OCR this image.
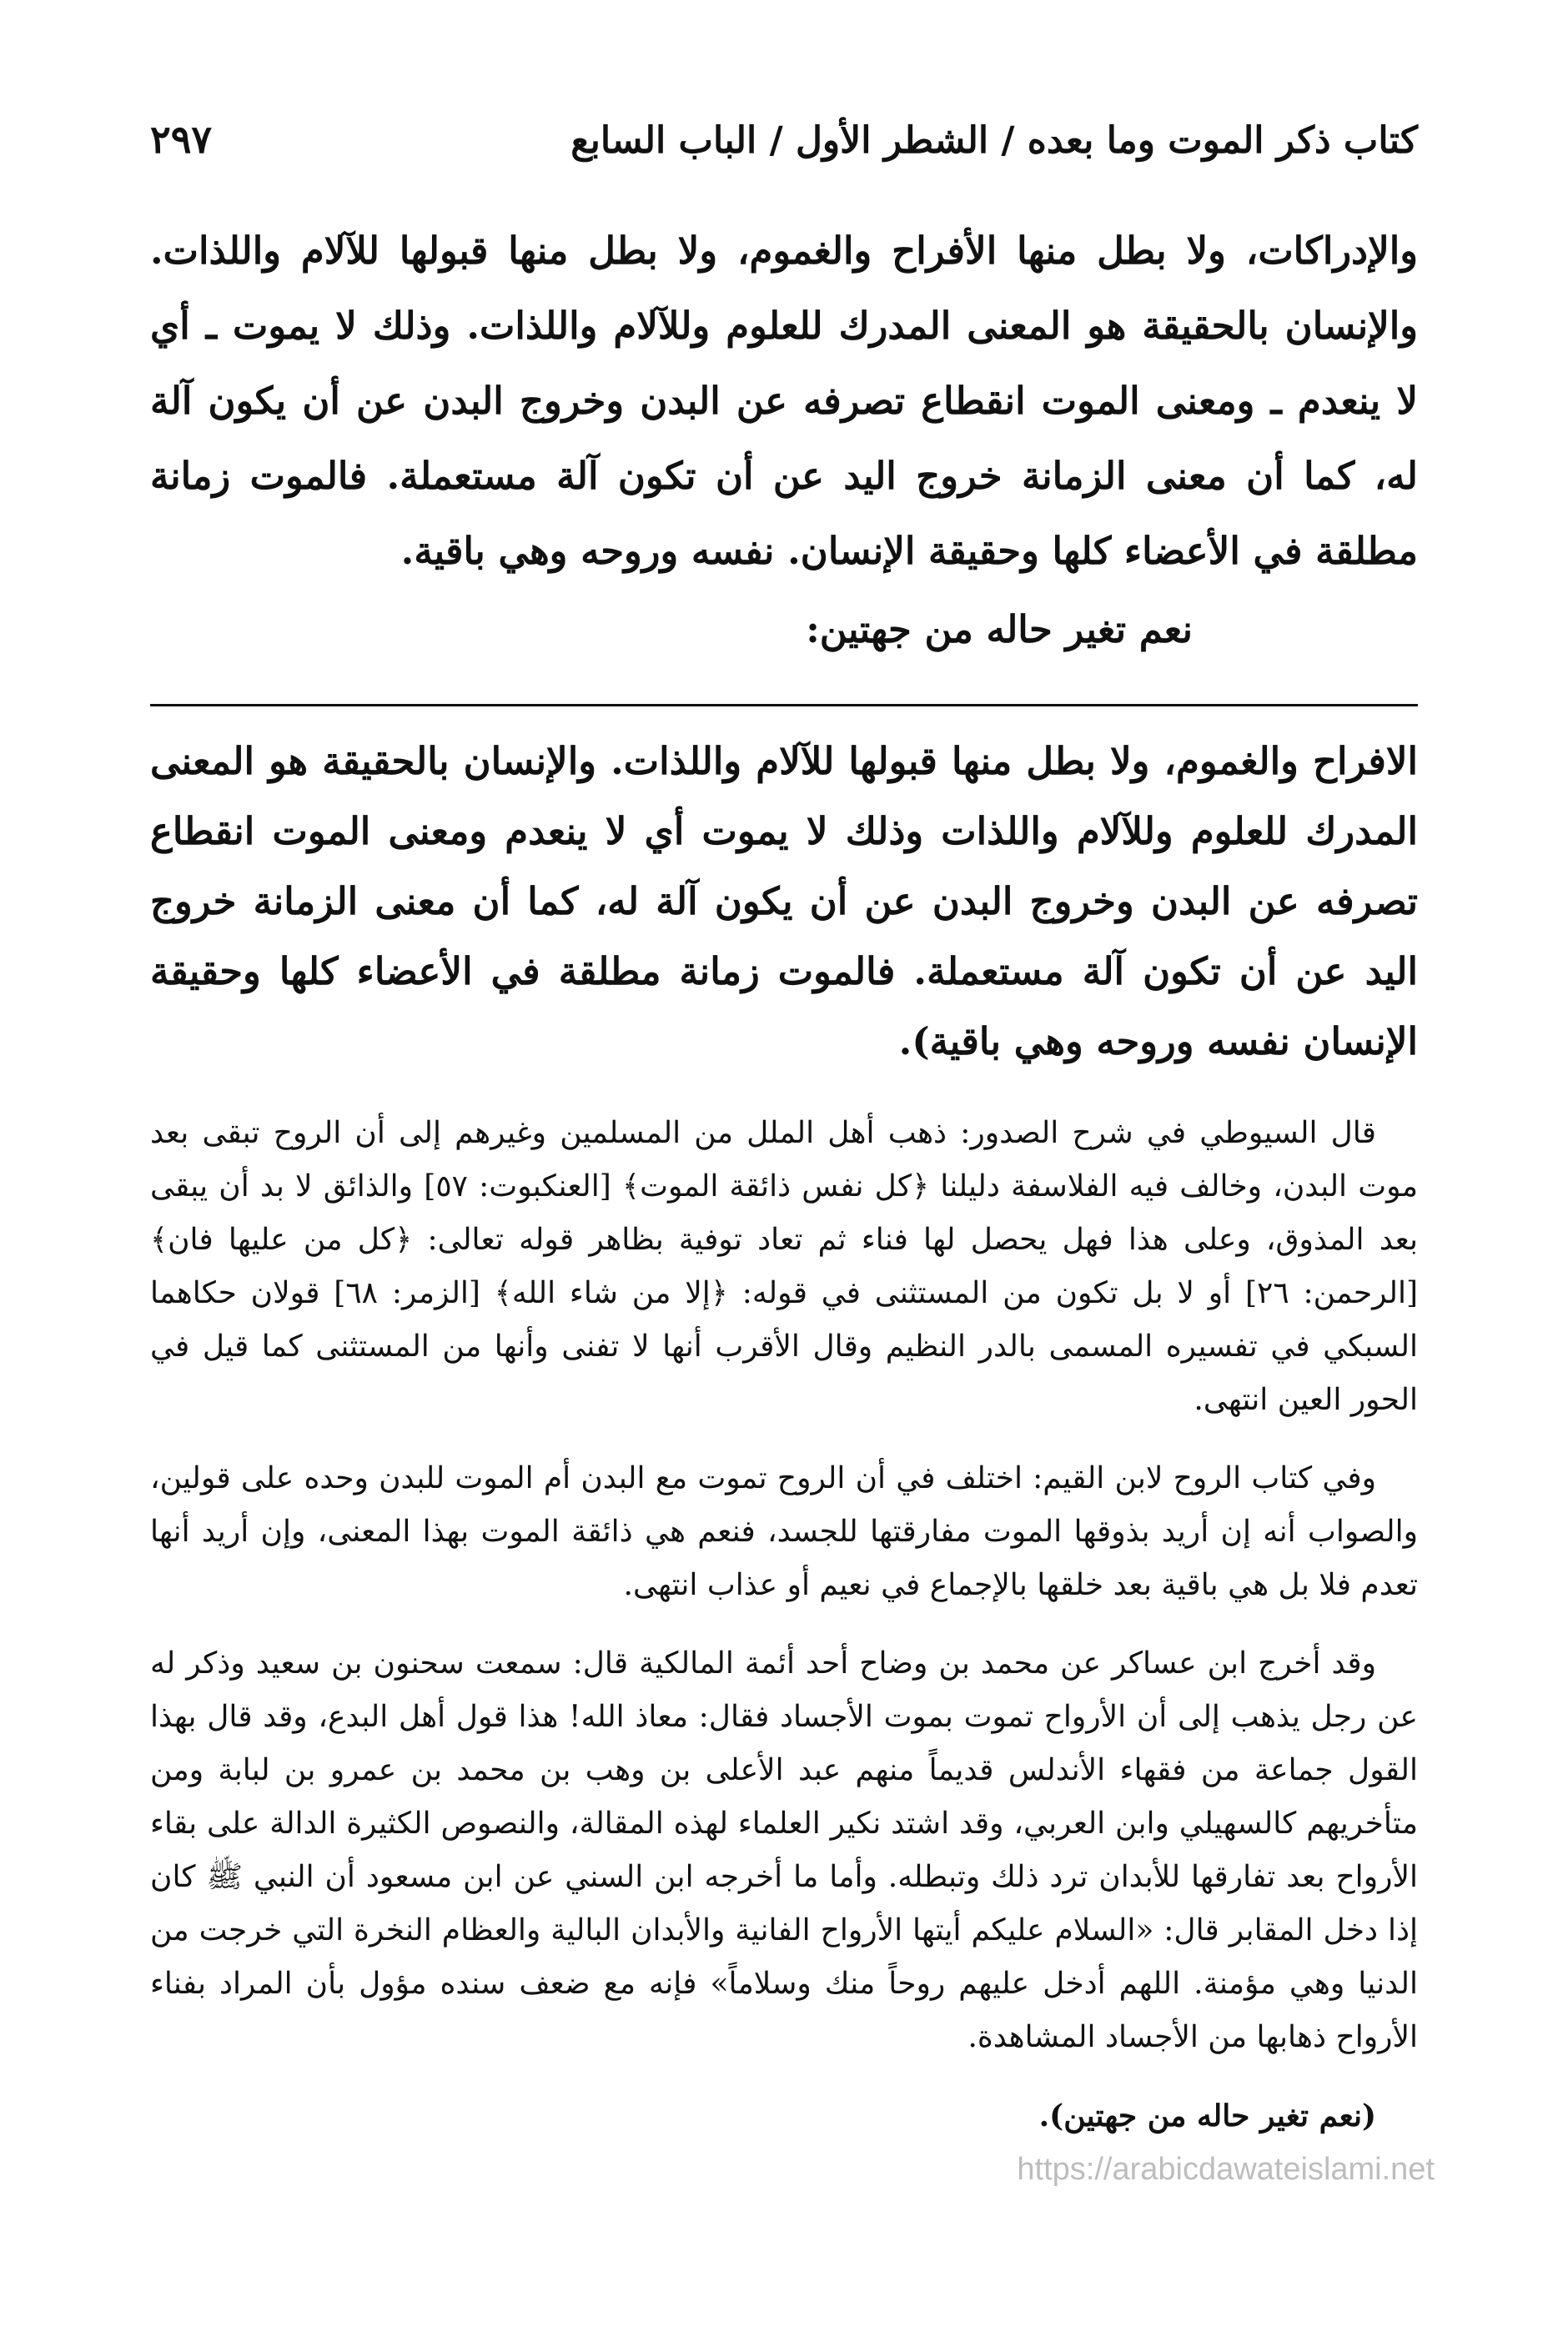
كتاب ذكر الموت وما بعده / الشطر الأول / الباب السابع
٢٩٧

والإدراكات، ولا بطل منها الأفراح والغموم، ولا بطل منها قبولها للآلام واللذات. والإنسان بالحقيقة هو المعنى المدرك للعلوم وللآلام واللذات. وذلك لا يموت ـ أي لا ينعدم ـ ومعنى الموت انقطاع تصرفه عن البدن وخروج البدن عن أن يكون آلة له، كما أن معنى الزمانة خروج اليد عن أن تكون آلة مستعملة. فالموت زمانة مطلقة في الأعضاء كلها وحقيقة الإنسان. نفسه وروحه وهي باقية.

نعم تغير حاله من جهتين:

الافراح والغموم، ولا بطل منها قبولها للآلام واللذات. والإنسان بالحقيقة هو المعنى المدرك للعلوم وللآلام واللذات وذلك لا يموت أي لا ينعدم ومعنى الموت انقطاع تصرفه عن البدن وخروج البدن عن أن يكون آلة له، كما أن معنى الزمانة خروج اليد عن أن تكون آلة مستعملة. فالموت زمانة مطلقة في الأعضاء كلها وحقيقة الإنسان نفسه وروحه وهي باقية).

قال السيوطي في شرح الصدور: ذهب أهل الملل من المسلمين وغيرهم إلى أن الروح تبقى بعد موت البدن، وخالف فيه الفلاسفة دليلنا ﴿كل نفس ذائقة الموت﴾ [العنكبوت: ٥٧] والذائق لا بد أن يبقى بعد المذوق، وعلى هذا فهل يحصل لها فناء ثم تعاد توفية بظاهر قوله تعالى: ﴿كل من عليها فان﴾ [الرحمن: ٢٦] أو لا بل تكون من المستثنى في قوله: ﴿إلا من شاء الله﴾ [الزمر: ٦٨] قولان حكاهما السبكي في تفسيره المسمى بالدر النظيم وقال الأقرب أنها لا تفنى وأنها من المستثنى كما قيل في الحور العين انتهى.

وفي كتاب الروح لابن القيم: اختلف في أن الروح تموت مع البدن أم الموت للبدن وحده على قولين، والصواب أنه إن أريد بذوقها الموت مفارقتها للجسد، فنعم هي ذائقة الموت بهذا المعنى، وإن أريد أنها تعدم فلا بل هي باقية بعد خلقها بالإجماع في نعيم أو عذاب انتهى.

وقد أخرج ابن عساكر عن محمد بن وضاح أحد أئمة المالكية قال: سمعت سحنون بن سعيد وذكر له عن رجل يذهب إلى أن الأرواح تموت بموت الأجساد فقال: معاذ الله! هذا قول أهل البدع، وقد قال بهذا القول جماعة من فقهاء الأندلس قديماً منهم عبد الأعلى بن وهب بن محمد بن عمرو بن لبابة ومن متأخريهم كالسهيلي وابن العربي، وقد اشتد نكير العلماء لهذه المقالة، والنصوص الكثيرة الدالة على بقاء الأرواح بعد تفارقها للأبدان ترد ذلك وتبطله. وأما ما أخرجه ابن السني عن ابن مسعود أن النبي ﷺ كان إذا دخل المقابر قال: «السلام عليكم أيتها الأرواح الفانية والأبدان البالية والعظام النخرة التي خرجت من الدنيا وهي مؤمنة. اللهم أدخل عليهم روحاً منك وسلاماً» فإنه مع ضعف سنده مؤول بأن المراد بفناء الأرواح ذهابها من الأجساد المشاهدة.

(نعم تغير حاله من جهتين).

https://arabicdawateislami.net
